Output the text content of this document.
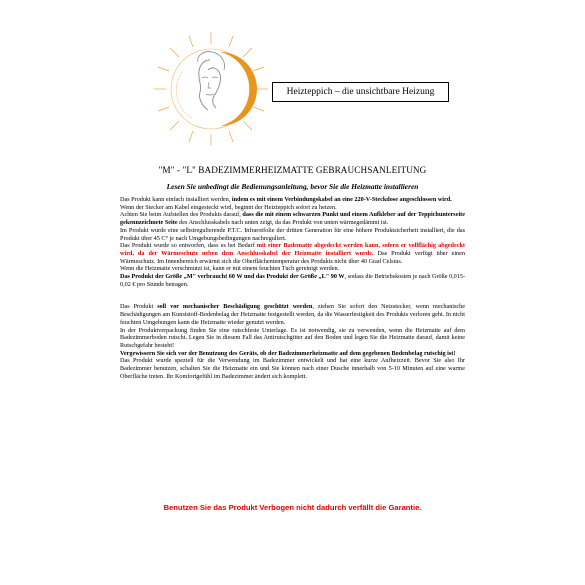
Heizteppich – die unsichtbare Heizung
"M" - "L" BADEZIMMERHEIZMATTE GEBRAUCHSANLEITUNG
Lesen Sie unbedingt die Bedienungsanleitung, bevor Sie die Heizmatte installieren

Das Produkt kann einfach installiert werden, indem es mit einem Verbindungskabel an eine 220-V-Steckdose angeschlossen wird.

Wenn der Stecker am Kabel eingesteckt wird, beginnt der Heizteppich sofort zu heizen.

Achten Sie beim Aufstellen des Produkts darauf, dass die mit einem schwarzen Punkt und einem Aufkleber auf der Teppichunterseite gekennzeichnete Seite des Anschlusskabels nach unten zeigt, da das Produkt von unten wärmegedämmt ist.

Im Produkt wurde eine selbstregulierende P.T.C. Infrarotfolie der dritten Generation für eine höhere Produktsicherheit installiert, die das Produkt über 45 C° je nach Umgebungsbedingungen nachreguliert.

Das Produkt wurde so entworfen, dass es bei Bedarf mit einer Badematte abgedeckt werden kann, sofern er vollflächig abgedeckt wird, da der Wärmeschutz neben dem Anschlusskabel der Heizmatte installiert wurde. Das Produkt verfügt über einen Wärmeschutz. Im Innenbereich erwärmt sich die Oberflächentemperatur des Produkts nicht über 40 Grad Celsius.

Wenn die Heizmatte verschmutzt ist, kann er mit einem feuchten Tuch gereinigt werden.

Das Produkt der Größe „M" verbraucht 60 W und das Produkt der Größe „L" 90 W, sodass die Betriebskosten je nach Größe 0,015-0,02 € pro Stunde betragen.

Das Produkt soll vor mechanischer Beschädigung geschützt werden, ziehen Sie sofort den Netzstecker, wenn mechanische Beschädigungen am Kunststoff-Bodenbelag der Heizmatte festgestellt werden, da die Wasserfestigkeit des Produkts verloren geht. In nicht feuchten Umgebungen kann die Heizmatte wieder genutzt werden.

In der Produktverpackung finden Sie eine rutschfeste Unterlage. Es ist notwendig, sie zu verwenden, wenn die Heizmatte auf dem Badezimmerboden rutscht. Legen Sie in diesem Fall das Antirutschgitter auf den Boden und legen Sie die Heizmatte darauf, damit keine Rutschgefahr besteht!

Vergewissern Sie sich vor der Benutzung des Geräts, ob der Badezimmerheizmatte auf dem gegebenen Bodenbelag rutschig ist!

Das Produkt wurde speziell für die Verwendung im Badezimmer entwickelt und hat eine kurze Aufheizzeit. Bevor Sie also Ihr Badezimmer benutzen, schalten Sie die Heizmatte ein und Sie können nach einer Dusche innerhalb von 5-10 Minuten auf eine warme Oberfläche treten. Ihr Komfortgefühl im Badezimmer ändert sich komplett.

Benutzen Sie das Produkt Verbogen nicht dadurch verfällt die Garantie.
